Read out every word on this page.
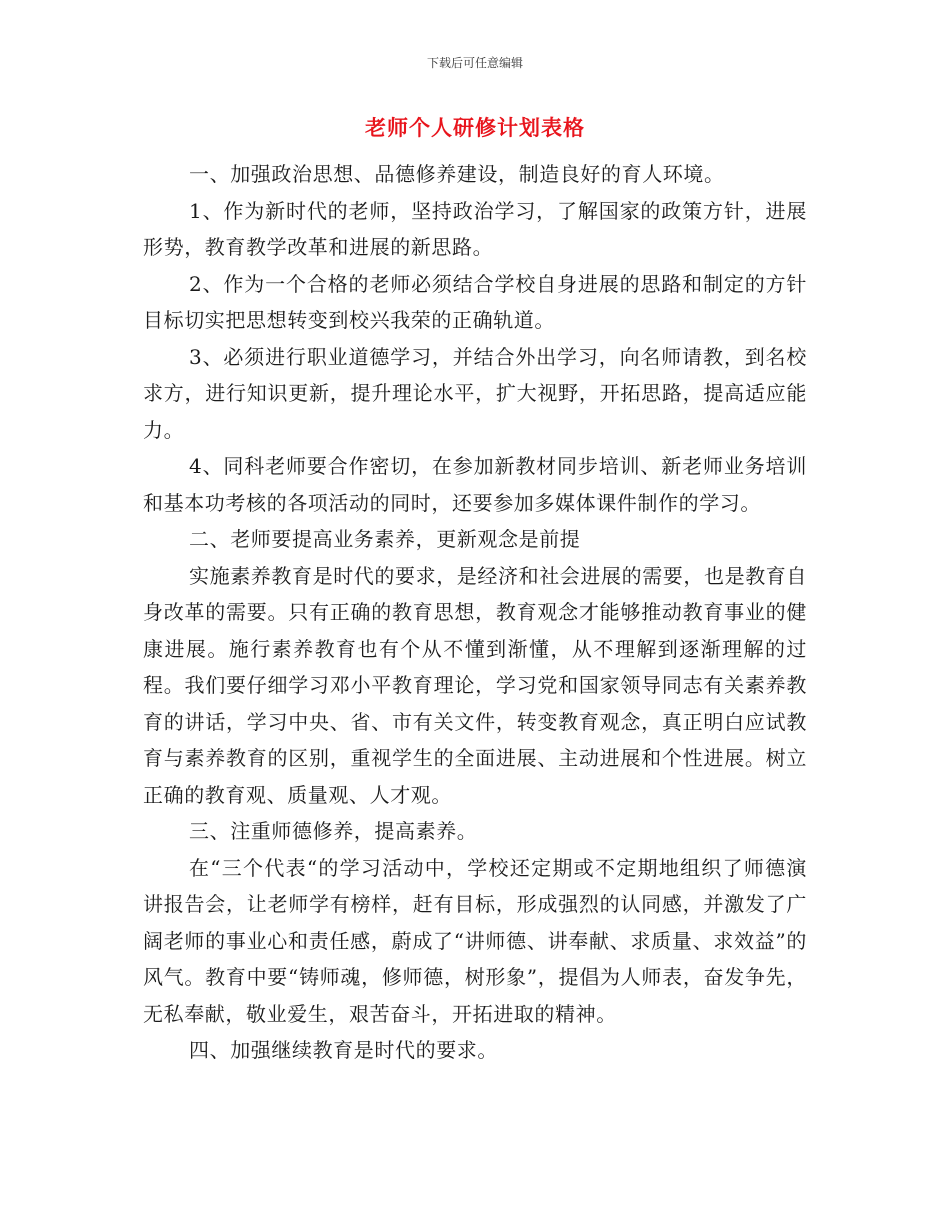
下载后可任意编辑
老师个人研修计划表格

一、加强政治思想、品德修养建设，制造良好的育人环境。

1、作为新时代的老师，坚持政治学习，了解国家的政策方针，进展形势，教育教学改革和进展的新思路。

2、作为一个合格的老师必须结合学校自身进展的思路和制定的方针目标切实把思想转变到校兴我荣的正确轨道。

3、必须进行职业道德学习，并结合外出学习，向名师请教，到名校求方，进行知识更新，提升理论水平，扩大视野，开拓思路，提高适应能力。

4、同科老师要合作密切，在参加新教材同步培训、新老师业务培训和基本功考核的各项活动的同时，还要参加多媒体课件制作的学习。

二、老师要提高业务素养，更新观念是前提

实施素养教育是时代的要求，是经济和社会进展的需要，也是教育自身改革的需要。只有正确的教育思想，教育观念才能够推动教育事业的健康进展。施行素养教育也有个从不懂到渐懂，从不理解到逐渐理解的过程。我们要仔细学习邓小平教育理论，学习党和国家领导同志有关素养教育的讲话，学习中央、省、市有关文件，转变教育观念，真正明白应试教育与素养教育的区别，重视学生的全面进展、主动进展和个性进展。树立正确的教育观、质量观、人才观。

三、注重师德修养，提高素养。

在“三个代表“的学习活动中，学校还定期或不定期地组织了师德演讲报告会，让老师学有榜样，赶有目标，形成强烈的认同感，并激发了广阔老师的事业心和责任感，蔚成了“讲师德、讲奉献、求质量、求效益”的风气。教育中要“铸师魂，修师德，树形象”，提倡为人师表，奋发争先，无私奉献，敬业爱生，艰苦奋斗，开拓进取的精神。

四、加强继续教育是时代的要求。
